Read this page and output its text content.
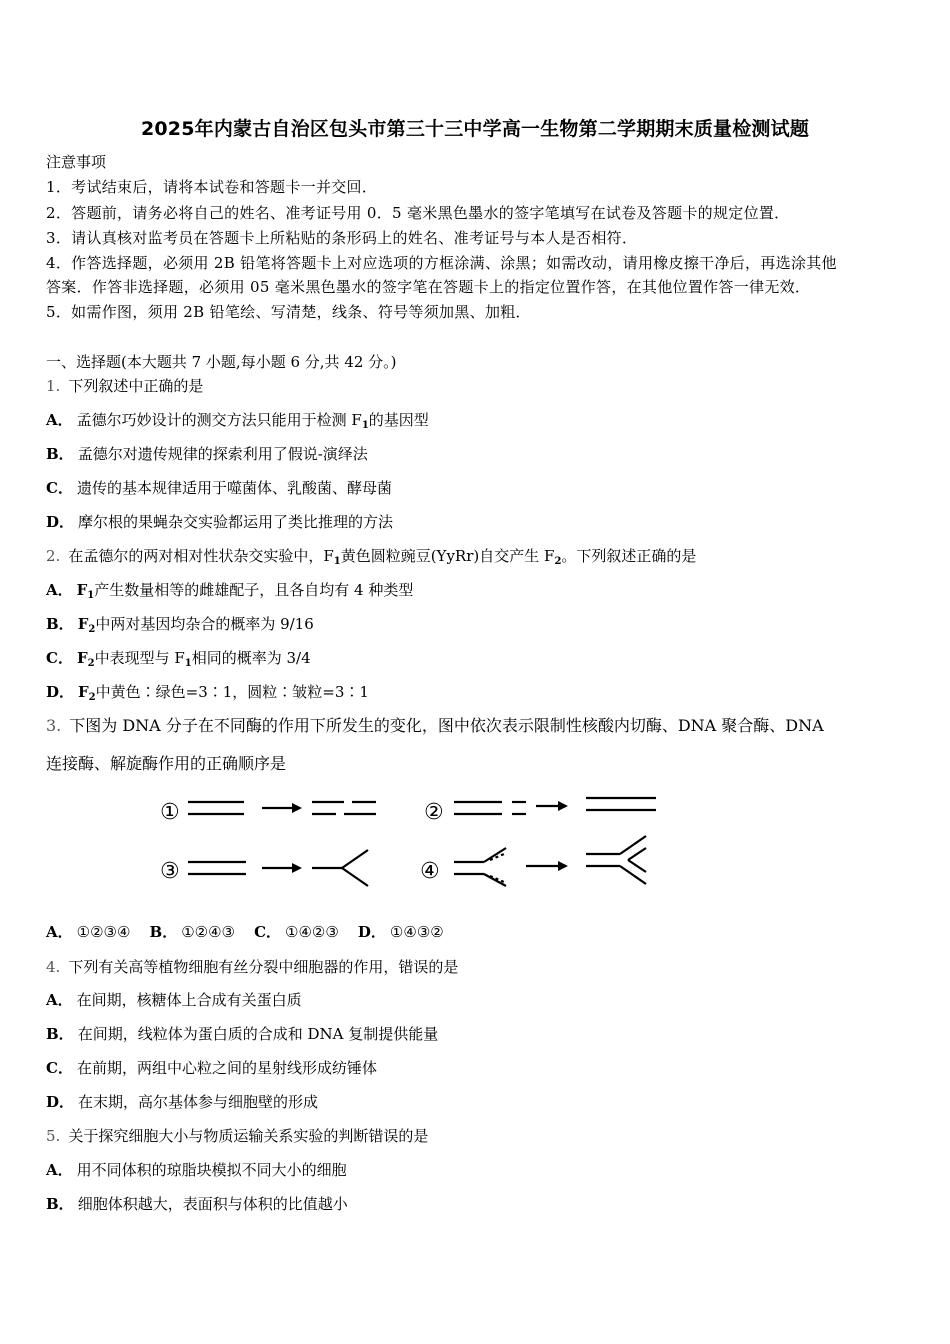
2025年内蒙古自治区包头市第三十三中学高一生物第二学期期末质量检测试题
注意事项
1．考试结束后，请将本试卷和答题卡一并交回．
2．答题前，请务必将自己的姓名、准考证号用 0．5 毫米黑色墨水的签字笔填写在试卷及答题卡的规定位置．
3．请认真核对监考员在答题卡上所粘贴的条形码上的姓名、准考证号与本人是否相符．
4．作答选择题，必须用 2B 铅笔将答题卡上对应选项的方框涂满、涂黑；如需改动，请用橡皮擦干净后，再选涂其他
答案．作答非选择题，必须用 05 毫米黑色墨水的签字笔在答题卡上的指定位置作答，在其他位置作答一律无效．
5．如需作图，须用 2B 铅笔绘、写清楚，线条、符号等须加黑、加粗．
一、选择题(本大题共 7 小题,每小题 6 分,共 42 分。)
1. 下列叙述中正确的是
A． 孟德尔巧妙设计的测交方法只能用于检测 $F_1$的基因型
B． 孟德尔对遗传规律的探索利用了假说-演绎法
C． 遗传的基本规律适用于噬菌体、乳酸菌、酵母菌
D． 摩尔根的果蝇杂交实验都运用了类比推理的方法
2. 在孟德尔的两对相对性状杂交实验中，$F_1$黄色圆粒豌豆(YyRr)自交产生 $F_2$。下列叙述正确的是
A． $F_1$产生数量相等的雌雄配子，且各自均有 4 种类型
B． $F_2$中两对基因均杂合的概率为 9/16
C． $F_2$中表现型与 $F_1$相同的概率为 3/4
D． $F_2$中黄色∶绿色=3∶1，圆粒∶皱粒=3∶1
3. 下图为 DNA 分子在不同酶的作用下所发生的变化，图中依次表示限制性核酸内切酶、DNA 聚合酶、DNA
连接酶、解旋酶作用的正确顺序是
①	②
③	④
A． ①②③④ B． ①②④③ C． ①④②③ D． ①④③②
4. 下列有关高等植物细胞有丝分裂中细胞器的作用，错误的是
A． 在间期，核糖体上合成有关蛋白质
B． 在间期，线粒体为蛋白质的合成和 DNA 复制提供能量
C． 在前期，两组中心粒之间的星射线形成纺锤体
D． 在末期，高尔基体参与细胞壁的形成
5. 关于探究细胞大小与物质运输关系实验的判断错误的是
A． 用不同体积的琼脂块模拟不同大小的细胞
B． 细胞体积越大，表面积与体积的比值越小
